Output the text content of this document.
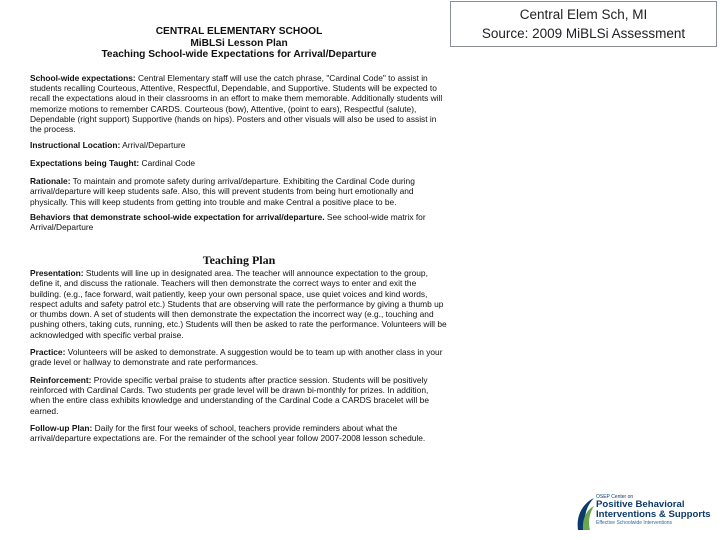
Central Elem Sch, MI
Source: 2009 MiBLSi Assessment
CENTRAL ELEMENTARY SCHOOL
MiBLSi Lesson Plan
Teaching School-wide Expectations for Arrival/Departure
School-wide expectations: Central Elementary staff will use the catch phrase, "Cardinal Code" to assist in students recalling Courteous, Attentive, Respectful, Dependable, and Supportive. Students will be expected to recall the expectations aloud in their classrooms in an effort to make them memorable. Additionally students will memorize motions to remember CARDS. Courteous (bow), Attentive, (point to ears), Respectful (salute), Dependable (right support) Supportive (hands on hips). Posters and other visuals will also be used to assist in the process.
Instructional Location: Arrival/Departure
Expectations being Taught: Cardinal Code
Rationale: To maintain and promote safety during arrival/departure. Exhibiting the Cardinal Code during arrival/departure will keep students safe. Also, this will prevent students from being hurt emotionally and physically. This will keep students from getting into trouble and make Central a positive place to be.
Behaviors that demonstrate school-wide expectation for arrival/departure. See school-wide matrix for Arrival/Departure
Teaching Plan
Presentation: Students will line up in designated area. The teacher will announce expectation to the group, define it, and discuss the rationale. Teachers will then demonstrate the correct ways to enter and exit the building. (e.g., face forward, wait patiently, keep your own personal space, use quiet voices and kind words, respect adults and safety patrol etc.) Students that are observing will rate the performance by giving a thumb up or thumbs down. A set of students will then demonstrate the expectation the incorrect way (e.g., touching and pushing others, taking cuts, running, etc.) Students will then be asked to rate the performance. Volunteers will be acknowledged with specific verbal praise.
Practice: Volunteers will be asked to demonstrate. A suggestion would be to team up with another class in your grade level or hallway to demonstrate and rate performances.
Reinforcement: Provide specific verbal praise to students after practice session. Students will be positively reinforced with Cardinal Cards. Two students per grade level will be drawn bi-monthly for prizes. In addition, when the entire class exhibits knowledge and understanding of the Cardinal Code a CARDS bracelet will be earned.
Follow-up Plan: Daily for the first four weeks of school, teachers provide reminders about what the arrival/departure expectations are. For the remainder of the school year follow 2007-2008 lesson schedule.
OSEP Center on
Positive Behavioral
Interventions & Supports
Effective Schoolwide Interventions
